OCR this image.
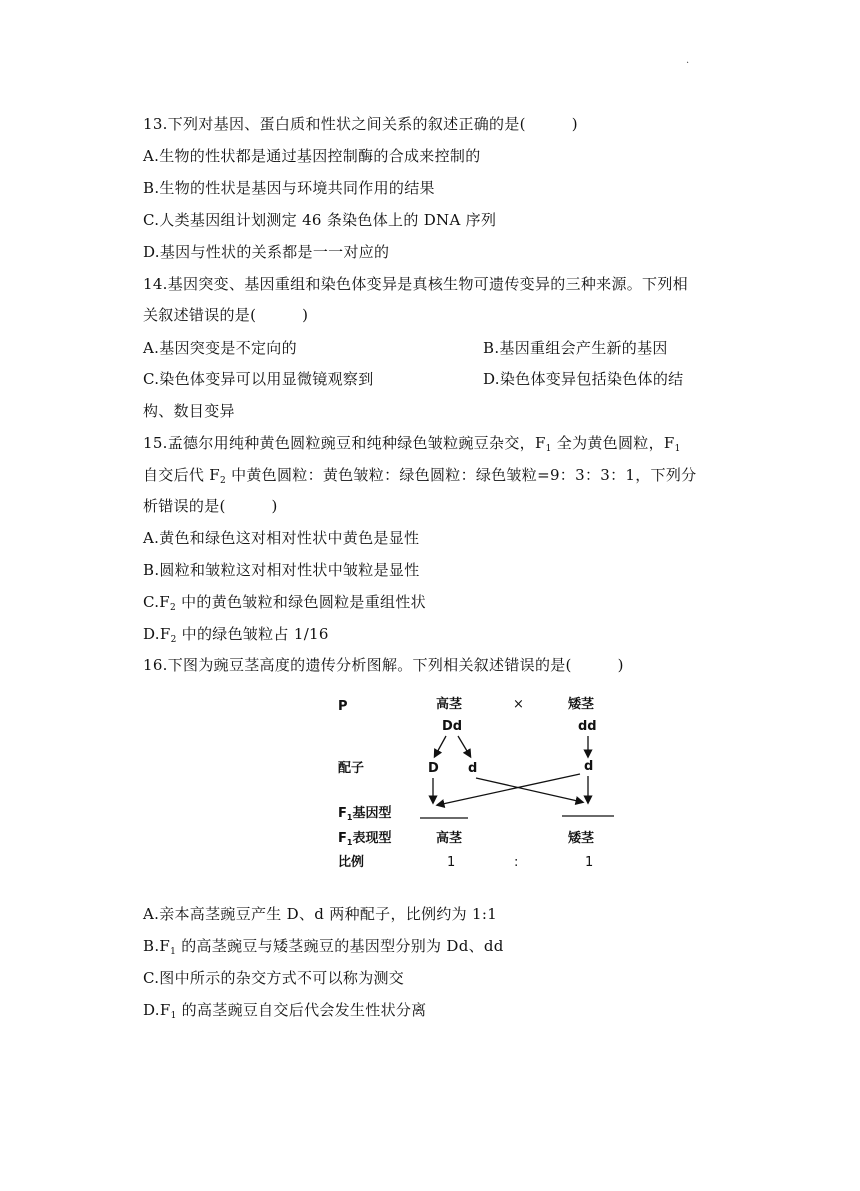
·
13.下列对基因、蛋白质和性状之间关系的叙述正确的是(　　　)
A.生物的性状都是通过基因控制酶的合成来控制的
B.生物的性状是基因与环境共同作用的结果
C.人类基因组计划测定 46 条染色体上的 DNA 序列
D.基因与性状的关系都是一一对应的
14.基因突变、基因重组和染色体变异是真核生物可遗传变异的三种来源。下列相
关叙述错误的是(　　　)
A.基因突变是不定向的	B.基因重组会产生新的基因
C.染色体变异可以用显微镜观察到	D.染色体变异包括染色体的结
构、数目变异
15.孟德尔用纯种黄色圆粒豌豆和纯种绿色皱粒豌豆杂交，$F_1$ 全为黄色圆粒，$F_1$
自交后代 $F_2$ 中黄色圆粒：黄色皱粒：绿色圆粒：绿色皱粒=9：3：3：1，下列分
析错误的是(　　　)
A.黄色和绿色这对相对性状中黄色是显性
B.圆粒和皱粒这对相对性状中皱粒是显性
$C.F_2$ 中的黄色皱粒和绿色圆粒是重组性状
$D.F_2$ 中的绿色皱粒占 1/16
16.下图为豌豆茎高度的遗传分析图解。下列相关叙述错误的是(　　　)
P
配子
$F_1$基因型
$F_1$表现型
比例
高茎	×	矮茎
Dd	dd
D d	d
高茎	矮茎
1	:	1
A.亲本高茎豌豆产生 D、d 两种配子，比例约为 1:1
$B.F_1$ 的高茎豌豆与矮茎豌豆的基因型分别为 Dd、dd
C.图中所示的杂交方式不可以称为测交
$D.F_1$ 的高茎豌豆自交后代会发生性状分离
